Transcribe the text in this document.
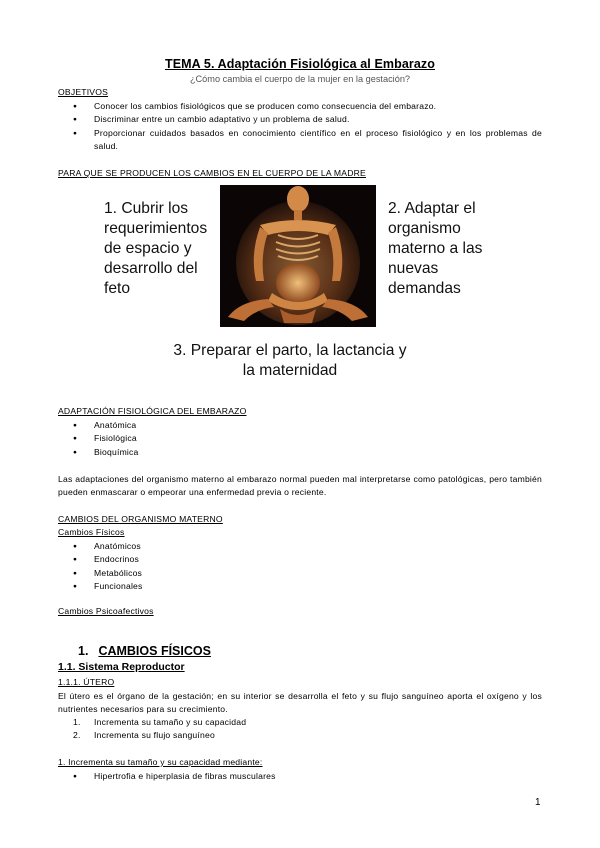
TEMA 5. Adaptación Fisiológica al Embarazo
¿Cómo cambia el cuerpo de la mujer en la gestación?
OBJETIVOS
● Conocer los cambios fisiológicos que se producen como consecuencia del embarazo.
● Discriminar entre un cambio adaptativo y un problema de salud.
● Proporcionar cuidados basados en conocimiento científico en el proceso fisiológico y en los problemas de salud.
PARA QUE SE PRODUCEN LOS CAMBIOS EN EL CUERPO DE LA MADRE
1. Cubrir los requerimientos de espacio y desarrollo del feto
2. Adaptar el organismo materno a las nuevas demandas
3. Preparar el parto, la lactancia y la maternidad
ADAPTACIÓN FISIOLÓGICA DEL EMBARAZO
● Anatómica
● Fisiológica
● Bioquímica
Las adaptaciones del organismo materno al embarazo normal pueden mal interpretarse como patológicas, pero también pueden enmascarar o empeorar una enfermedad previa o reciente.
CAMBIOS DEL ORGANISMO MATERNO
Cambios Físicos
● Anatómicos
● Endocrinos
● Metabólicos
● Funcionales
Cambios Psicoafectivos
1. CAMBIOS FÍSICOS
1.1. Sistema Reproductor
1.1.1. ÚTERO
El útero es el órgano de la gestación; en su interior se desarrolla el feto y su flujo sanguíneo aporta el oxígeno y los nutrientes necesarios para su crecimiento.
1. Incrementa su tamaño y su capacidad
2. Incrementa su flujo sanguíneo
1. Incrementa su tamaño y su capacidad mediante:
● Hipertrofia e hiperplasia de fibras musculares
1
